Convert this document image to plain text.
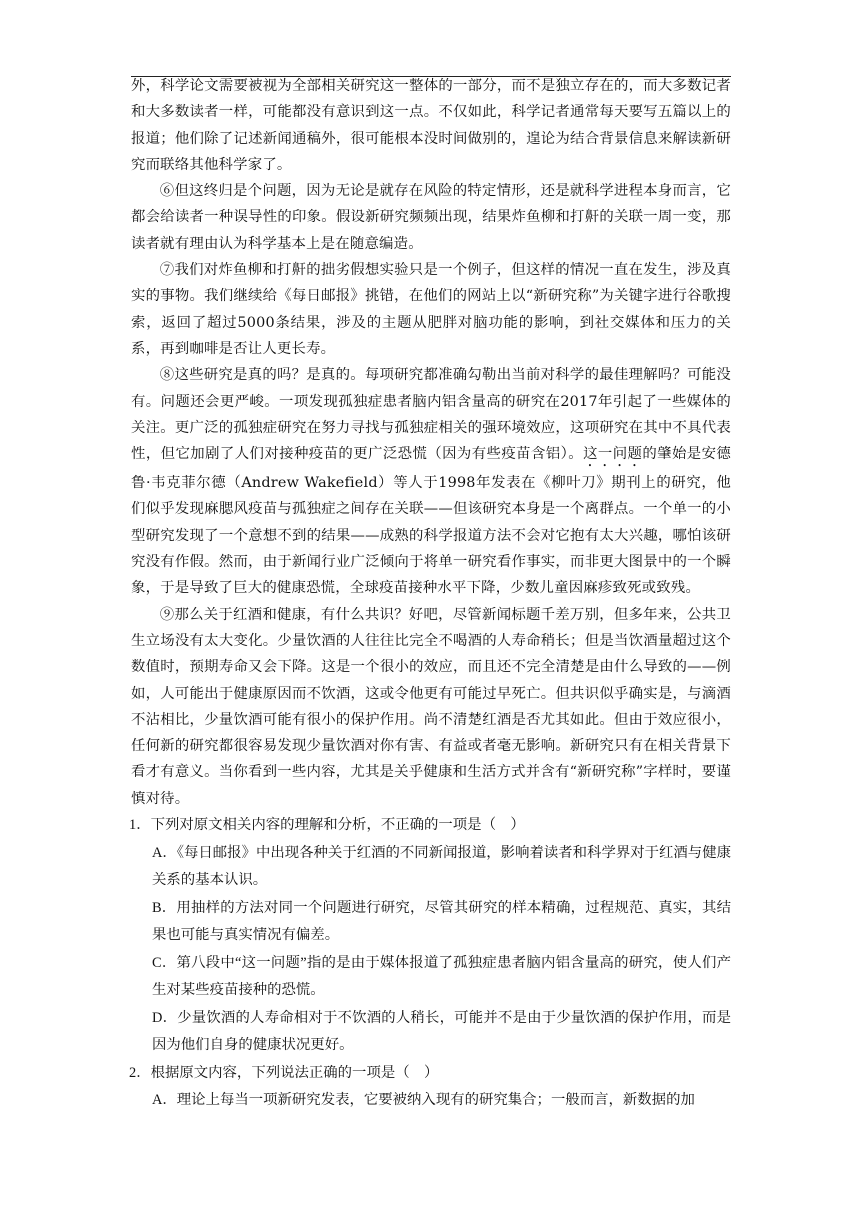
外，科学论文需要被视为全部相关研究这一整体的一部分，而不是独立存在的，而大多数记者和大多数读者一样，可能都没有意识到这一点。不仅如此，科学记者通常每天要写五篇以上的报道；他们除了记述新闻通稿外，很可能根本没时间做别的，遑论为结合背景信息来解读新研究而联络其他科学家了。

⑥但这终归是个问题，因为无论是就存在风险的特定情形，还是就科学进程本身而言，它都会给读者一种误导性的印象。假设新研究频频出现，结果炸鱼柳和打鼾的关联一周一变，那读者就有理由认为科学基本上是在随意编造。

⑦我们对炸鱼柳和打鼾的拙劣假想实验只是一个例子，但这样的情况一直在发生，涉及真实的事物。我们继续给《每日邮报》挑错，在他们的网站上以“新研究称”为关键字进行谷歌搜索，返回了超过5000条结果，涉及的主题从肥胖对脑功能的影响，到社交媒体和压力的关系，再到咖啡是否让人更长寿。

⑧这些研究是真的吗？是真的。每项研究都准确勾勒出当前对科学的最佳理解吗？可能没有。问题还会更严峻。一项发现孤独症患者脑内铝含量高的研究在2017年引起了一些媒体的关注。更广泛的孤独症研究在努力寻找与孤独症相关的强环境效应，这项研究在其中不具代表性，但它加剧了人们对接种疫苗的更广泛恐慌（因为有些疫苗含铝）。这一问题的肇始是安德鲁·韦克菲尔德（Andrew Wakefield）等人于1998年发表在《柳叶刀》期刊上的研究，他们似乎发现麻腮风疫苗与孤独症之间存在关联——但该研究本身是一个离群点。一个单一的小型研究发现了一个意想不到的结果——成熟的科学报道方法不会对它抱有太大兴趣，哪怕该研究没有作假。然而，由于新闻行业广泛倾向于将单一研究看作事实，而非更大图景中的一个瞬象，于是导致了巨大的健康恐慌，全球疫苗接种水平下降，少数儿童因麻疹致死或致残。

⑨那么关于红酒和健康，有什么共识？好吧，尽管新闻标题千差万别，但多年来，公共卫生立场没有太大变化。少量饮酒的人往往比完全不喝酒的人寿命稍长；但是当饮酒量超过这个数值时，预期寿命又会下降。这是一个很小的效应，而且还不完全清楚是由什么导致的——例如，人可能出于健康原因而不饮酒，这或令他更有可能过早死亡。但共识似乎确实是，与滴酒不沾相比，少量饮酒可能有很小的保护作用。尚不清楚红酒是否尤其如此。但由于效应很小，任何新的研究都很容易发现少量饮酒对你有害、有益或者毫无影响。新研究只有在相关背景下看才有意义。当你看到一些内容，尤其是关乎健康和生活方式并含有“新研究称”字样时，要谨慎对待。

1．下列对原文相关内容的理解和分析，不正确的一项是（　）
A．《每日邮报》中出现各种关于红酒的不同新闻报道，影响着读者和科学界对于红酒与健康关系的基本认识。
B．用抽样的方法对同一个问题进行研究，尽管其研究的样本精确，过程规范、真实，其结果也可能与真实情况有偏差。
C．第八段中“这一问题”指的是由于媒体报道了孤独症患者脑内铝含量高的研究，使人们产生对某些疫苗接种的恐慌。
D．少量饮酒的人寿命相对于不饮酒的人稍长，可能并不是由于少量饮酒的保护作用，而是因为他们自身的健康状况更好。
2．根据原文内容，下列说法正确的一项是（　）
A．理论上每当一项新研究发表，它要被纳入现有的研究集合；一般而言，新数据的加
